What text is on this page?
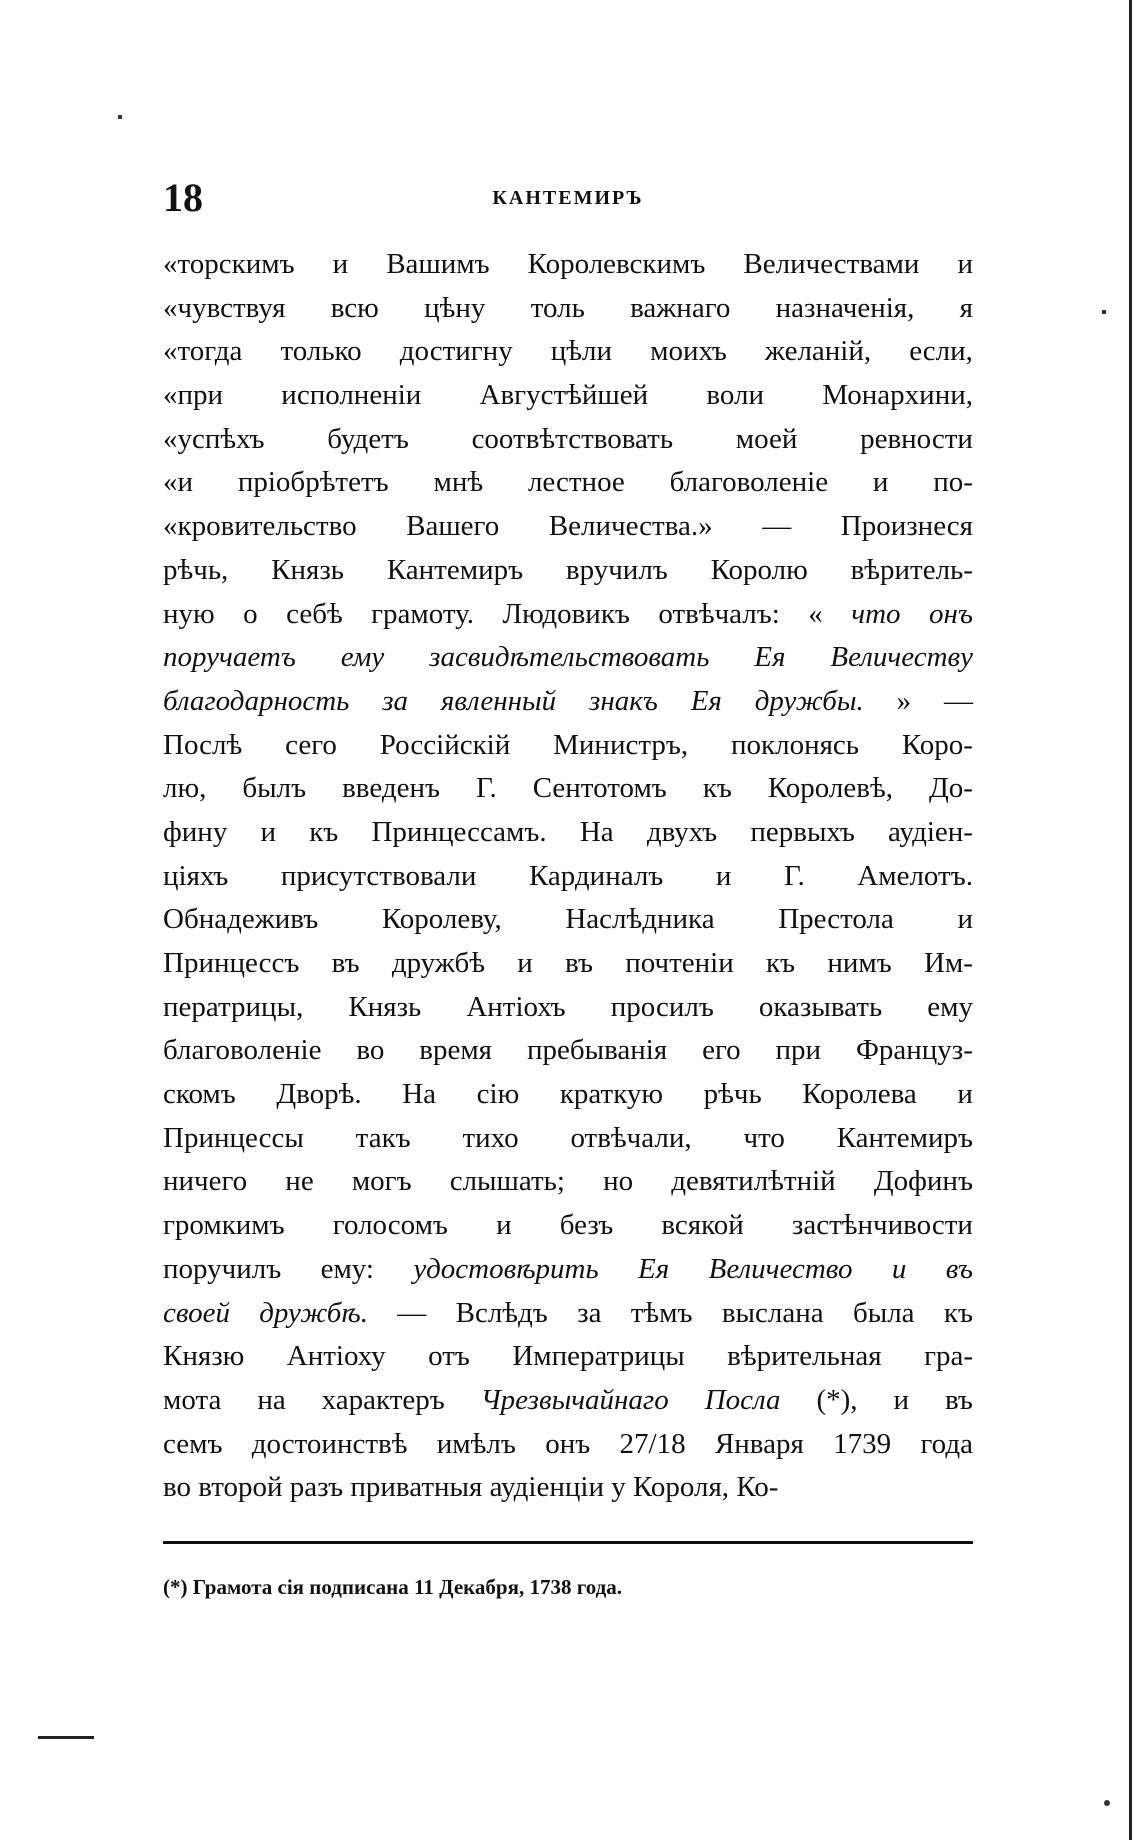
18	КАНТЕМИРЪ
«торскимъ и Вашимъ Королевскимъ Величествами и
«чувствуя всю цѣну толь важнаго назначенія, я
«тогда только достигну цѣли моихъ желаній, если,
«при исполненіи Августѣйшей воли Монархини,
«успѣхъ будетъ соотвѣтствовать моей ревности
«и пріобрѣтетъ мнѣ лестное благоволеніе и по-
«кровительство Вашего Величества.» — Произнеся
рѣчь, Князь Кантемиръ вручилъ Королю вѣритель-
ную о себѣ грамоту. Людовикъ отвѣчалъ: « что онъ
поручаетъ ему засвидѣтельствовать Ея Величеству
благодарность за явленный знакъ Ея дружбы. » —
Послѣ сего Россійскій Министръ, поклонясь Коро-
лю, былъ введенъ Г. Сентотомъ къ Королевѣ, До-
фину и къ Принцессамъ. На двухъ первыхъ аудіен-
ціяхъ присутствовали Кардиналъ и Г. Амелотъ.
Обнадеживъ Королеву, Наслѣдника Престола и
Принцессъ въ дружбѣ и въ почтеніи къ нимъ Им-
ператрицы, Князь Антіохъ просилъ оказывать ему
благоволеніе во время пребыванія его при Француз-
скомъ Дворѣ. На сію краткую рѣчь Королева и
Принцессы такъ тихо отвѣчали, что Кантемиръ
ничего не могъ слышать; но девятилѣтній Дофинъ
громкимъ голосомъ и безъ всякой застѣнчивости
поручилъ ему: удостовѣрить Ея Величество и въ
своей дружбѣ. — Вслѣдъ за тѣмъ выслана была къ
Князю Антіоху отъ Императрицы вѣрительная гра-
мота на характеръ Чрезвычайнаго Посла (*), и въ
семъ достоинствѣ имѣлъ онъ 27/18 Января 1739 года
во второй разъ приватныя аудіенціи у Короля, Ко-
(*) Грамота сія подписана 11 Декабря, 1738 года.
